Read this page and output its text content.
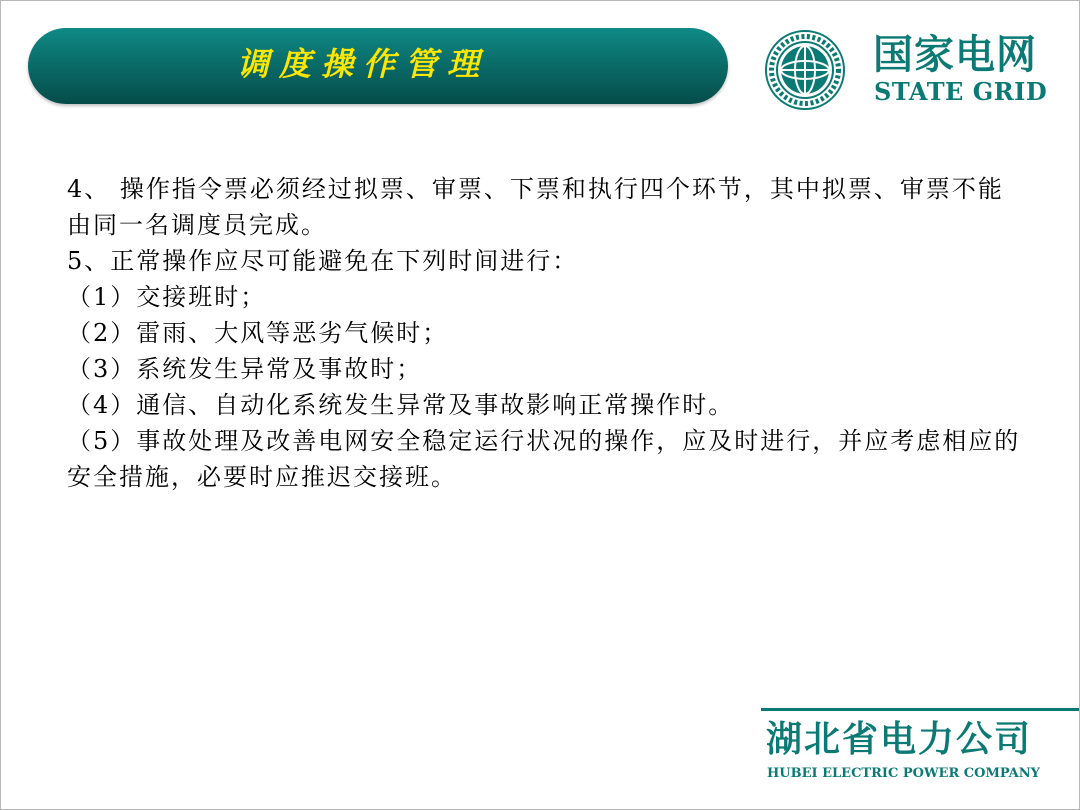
调度操作管理	国家电网
STATE GRID

4、 操作指令票必须经过拟票、审票、下票和执行四个环节，其中拟票、审票不能由同一名调度员完成。

5、正常操作应尽可能避免在下列时间进行：

（1）交接班时；

（2）雷雨、大风等恶劣气候时；

（3）系统发生异常及事故时；

（4）通信、自动化系统发生异常及事故影响正常操作时。

（5）事故处理及改善电网安全稳定运行状况的操作，应及时进行，并应考虑相应的安全措施，必要时应推迟交接班。

湖北省电力公司
HUBEI ELECTRIC POWER COMPANY
